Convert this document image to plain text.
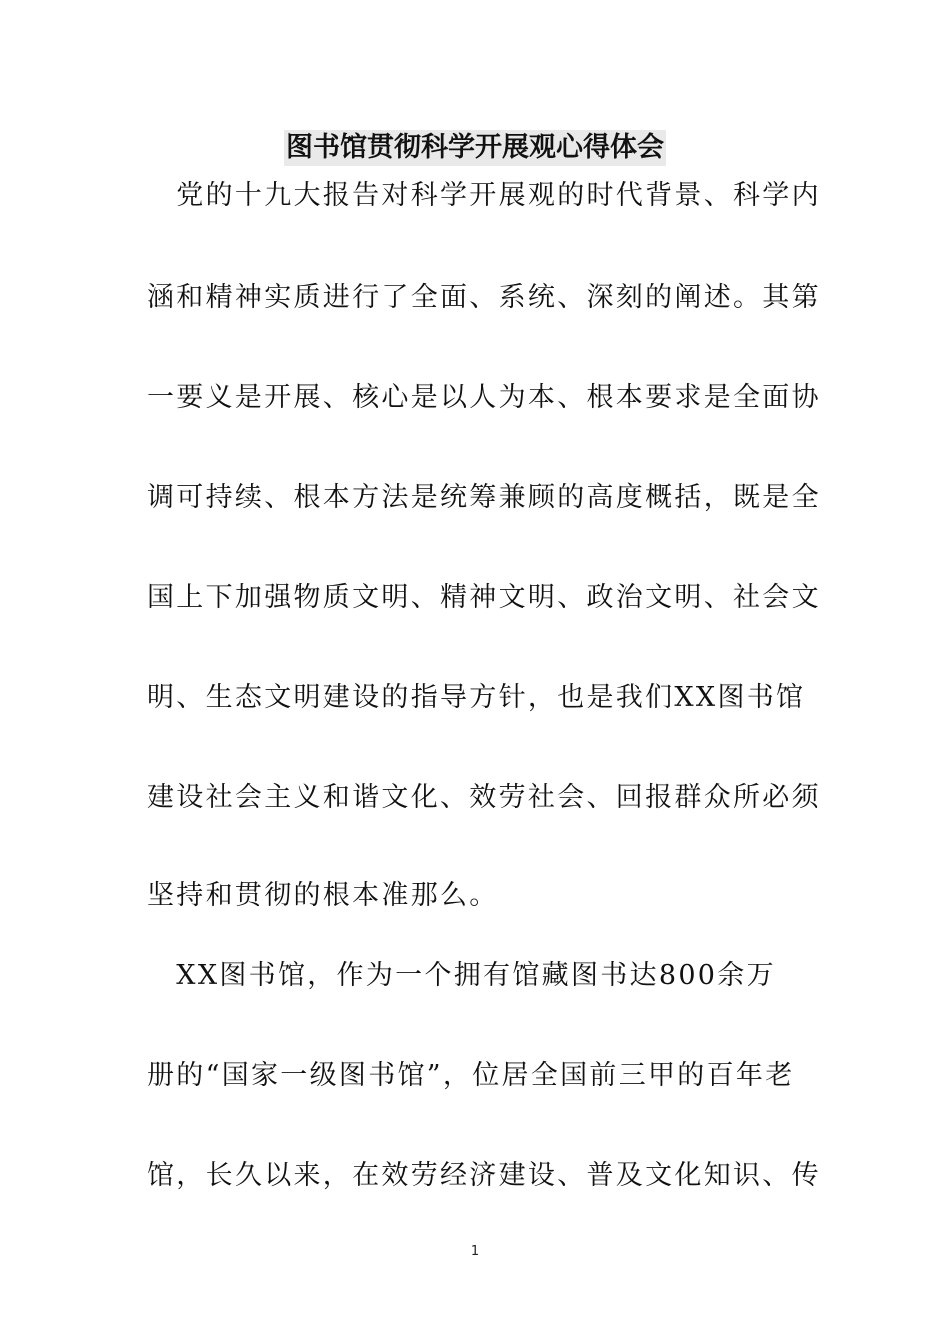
图书馆贯彻科学开展观心得体会
　党的十九大报告对科学开展观的时代背景、科学内
涵和精神实质进行了全面、系统、深刻的阐述。其第
一要义是开展、核心是以人为本、根本要求是全面协
调可持续、根本方法是统筹兼顾的高度概括，既是全
国上下加强物质文明、精神文明、政治文明、社会文
明、生态文明建设的指导方针，也是我们XX图书馆
建设社会主义和谐文化、效劳社会、回报群众所必须
坚持和贯彻的根本准那么。
　XX图书馆，作为一个拥有馆藏图书达800余万
册的“国家一级图书馆”，位居全国前三甲的百年老
馆，长久以来，在效劳经济建设、普及文化知识、传
1
